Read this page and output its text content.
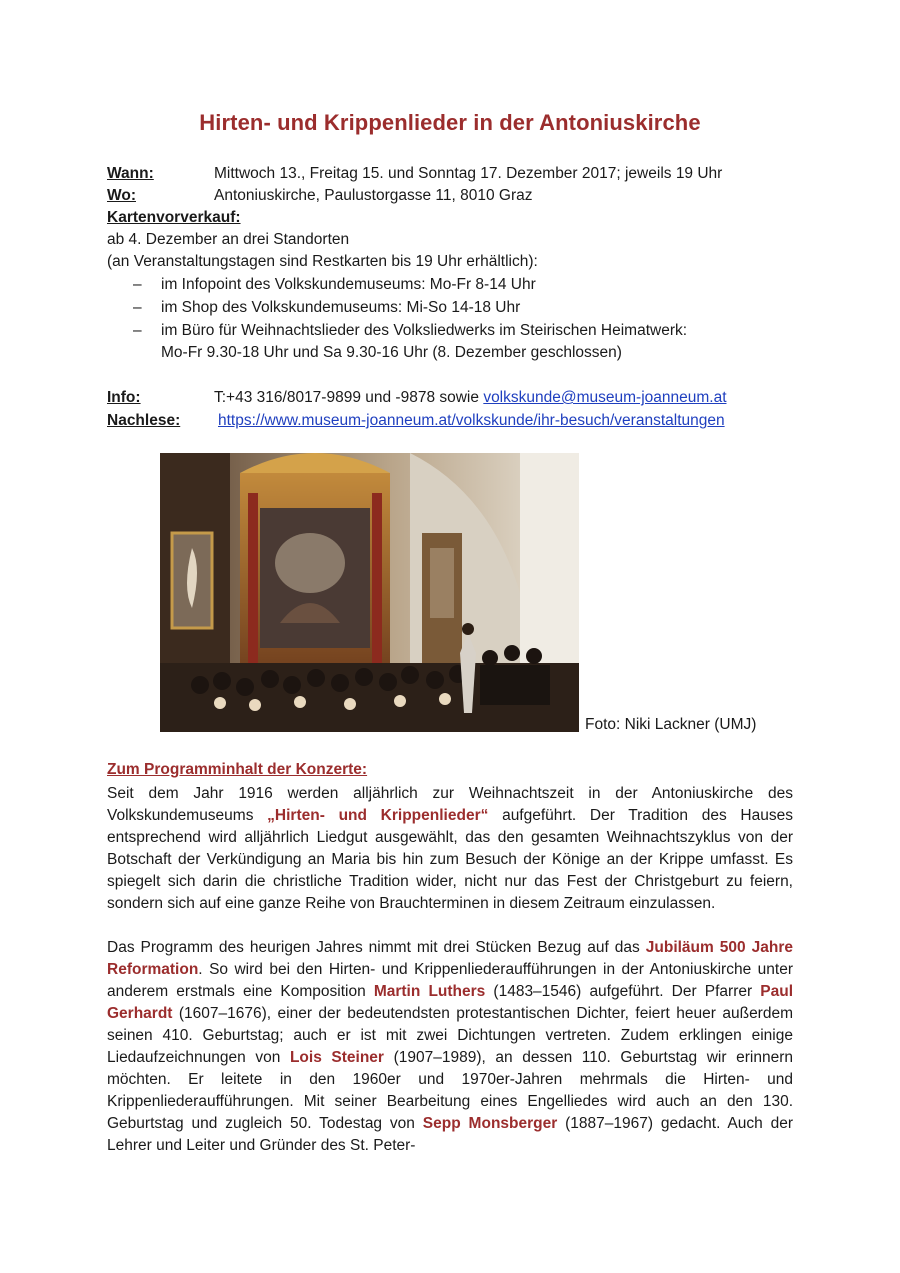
Hirten- und Krippenlieder in der Antoniuskirche
Wann:	Mittwoch 13., Freitag 15. und Sonntag 17. Dezember 2017; jeweils 19 Uhr
Wo:	Antoniuskirche, Paulustorgasse 11, 8010 Graz
Kartenvorverkauf:
ab 4. Dezember an drei Standorten
(an Veranstaltungstagen sind Restkarten bis 19 Uhr erhältlich):
– im Infopoint des Volkskundemuseums: Mo-Fr 8-14 Uhr
– im Shop des Volkskundemuseums: Mi-So 14-18 Uhr
– im Büro für Weihnachtslieder des Volksliedwerks im Steirischen Heimatwerk:
Mo-Fr 9.30-18 Uhr und Sa 9.30-16 Uhr (8. Dezember geschlossen)
Info:	T:+43 316/8017-9899 und -9878 sowie volkskunde@museum-joanneum.at
Nachlese: https://www.museum-joanneum.at/volkskunde/ihr-besuch/veranstaltungen
Zum Programminhalt der Konzerte:
Seit dem Jahr 1916 werden alljährlich zur Weihnachtszeit in der Antoniuskirche des Volkskundemuseums „Hirten- und Krippenlieder“ aufgeführt. Der Tradition des Hauses entsprechend wird alljährlich Liedgut ausgewählt, das den gesamten Weihnachtszyklus von der Botschaft der Verkündigung an Maria bis hin zum Besuch der Könige an der Krippe umfasst. Es spiegelt sich darin die christliche Tradition wider, nicht nur das Fest der Christgeburt zu feiern, sondern sich auf eine ganze Reihe von Brauchterminen in diesem Zeitraum einzulassen.
Das Programm des heurigen Jahres nimmt mit drei Stücken Bezug auf das Jubiläum 500 Jahre Reformation. So wird bei den Hirten- und Krippenliederaufführungen in der Antoniuskirche unter anderem erstmals eine Komposition Martin Luthers (1483–1546) aufgeführt. Der Pfarrer Paul Gerhardt (1607–1676), einer der bedeutendsten protestantischen Dichter, feiert heuer außerdem seinen 410. Geburtstag; auch er ist mit zwei Dichtungen vertreten. Zudem erklingen einige Liedaufzeichnungen von Lois Steiner (1907–1989), an dessen 110. Geburtstag wir erinnern möchten. Er leitete in den 1960er und 1970er-Jahren mehrmals die Hirten- und Krippenliederaufführungen. Mit seiner Bearbeitung eines Engelliedes wird auch an den 130. Geburtstag und zugleich 50. Todestag von Sepp Monsberger (1887–1967) gedacht. Auch der Lehrer und Leiter und Gründer des St. Peter-
Foto: Niki Lackner (UMJ)
